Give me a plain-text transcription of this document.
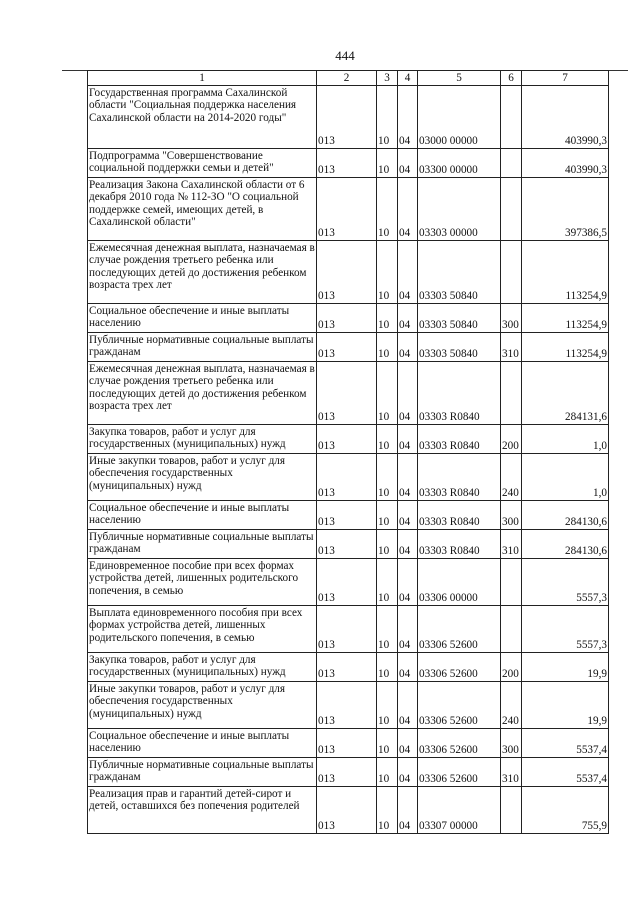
444
1	2	3	4	5	6	7
Государственная программа Сахалинской области "Социальная поддержка населения Сахалинской области на 2014-2020 годы"	013	10	04	03000 00000		403990,3
Подпрограмма "Совершенствование социальной поддержки семьи и детей"	013	10	04	03300 00000		403990,3
Реализация Закона Сахалинской области от 6 декабря 2010 года № 112-ЗО "О социальной поддержке семей, имеющих детей, в Сахалинской области"	013	10	04	03303 00000		397386,5
Ежемесячная денежная выплата, назначаемая в случае рождения третьего ребенка или последующих детей до достижения ребенком возраста трех лет	013	10	04	03303 50840		113254,9
Социальное обеспечение и иные выплаты населению	013	10	04	03303 50840	300	113254,9
Публичные нормативные социальные выплаты гражданам	013	10	04	03303 50840	310	113254,9
Ежемесячная денежная выплата, назначаемая в случае рождения третьего ребенка или последующих детей до достижения ребенком возраста трех лет	013	10	04	03303 R0840		284131,6
Закупка товаров, работ и услуг для государственных (муниципальных) нужд	013	10	04	03303 R0840	200	1,0
Иные закупки товаров, работ и услуг для обеспечения государственных (муниципальных) нужд	013	10	04	03303 R0840	240	1,0
Социальное обеспечение и иные выплаты населению	013	10	04	03303 R0840	300	284130,6
Публичные нормативные социальные выплаты гражданам	013	10	04	03303 R0840	310	284130,6
Единовременное пособие при всех формах устройства детей, лишенных родительского попечения, в семью	013	10	04	03306 00000		5557,3
Выплата единовременного пособия при всех формах устройства детей, лишенных родительского попечения, в семью	013	10	04	03306 52600		5557,3
Закупка товаров, работ и услуг для государственных (муниципальных) нужд	013	10	04	03306 52600	200	19,9
Иные закупки товаров, работ и услуг для обеспечения государственных (муниципальных) нужд	013	10	04	03306 52600	240	19,9
Социальное обеспечение и иные выплаты населению	013	10	04	03306 52600	300	5537,4
Публичные нормативные социальные выплаты гражданам	013	10	04	03306 52600	310	5537,4
Реализация прав и гарантий детей-сирот и детей, оставшихся без попечения родителей	013	10	04	03307 00000		755,9
